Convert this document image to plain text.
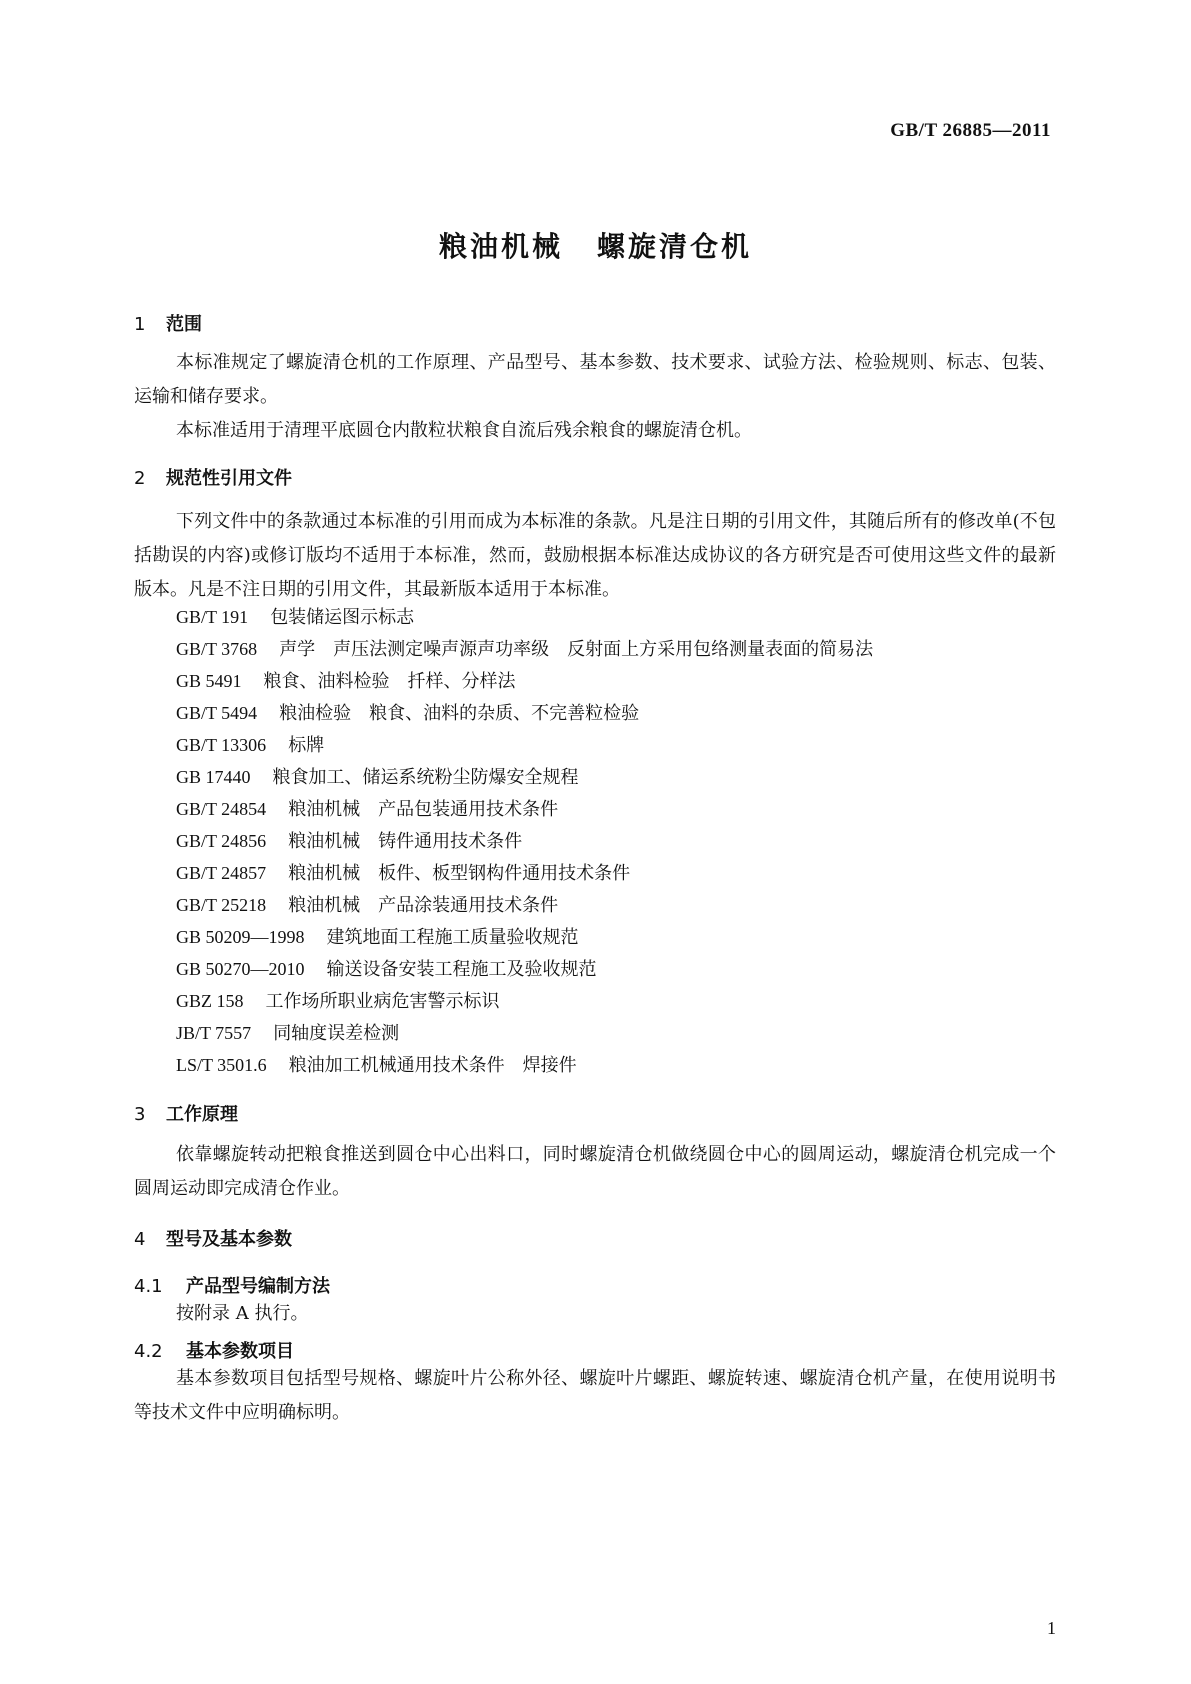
GB/T 26885—2011
粮油机械 螺旋清仓机
1 范围
本标准规定了螺旋清仓机的工作原理、产品型号、基本参数、技术要求、试验方法、检验规则、标志、包装、运输和储存要求。
本标准适用于清理平底圆仓内散粒状粮食自流后残余粮食的螺旋清仓机。
2 规范性引用文件
下列文件中的条款通过本标准的引用而成为本标准的条款。凡是注日期的引用文件，其随后所有的修改单(不包括勘误的内容)或修订版均不适用于本标准，然而，鼓励根据本标准达成协议的各方研究是否可使用这些文件的最新版本。凡是不注日期的引用文件，其最新版本适用于本标准。
GB/T 191 包装储运图示标志
GB/T 3768 声学　声压法测定噪声源声功率级　反射面上方采用包络测量表面的简易法
GB 5491 粮食、油料检验　扦样、分样法
GB/T 5494 粮油检验　粮食、油料的杂质、不完善粒检验
GB/T 13306 标牌
GB 17440 粮食加工、储运系统粉尘防爆安全规程
GB/T 24854 粮油机械　产品包装通用技术条件
GB/T 24856 粮油机械　铸件通用技术条件
GB/T 24857 粮油机械　板件、板型钢构件通用技术条件
GB/T 25218 粮油机械　产品涂装通用技术条件
GB 50209—1998 建筑地面工程施工质量验收规范
GB 50270—2010 输送设备安装工程施工及验收规范
GBZ 158 工作场所职业病危害警示标识
JB/T 7557 同轴度误差检测
LS/T 3501.6 粮油加工机械通用技术条件　焊接件
3 工作原理
依靠螺旋转动把粮食推送到圆仓中心出料口，同时螺旋清仓机做绕圆仓中心的圆周运动，螺旋清仓机完成一个圆周运动即完成清仓作业。
4 型号及基本参数
4.1 产品型号编制方法
按附录 A 执行。
4.2 基本参数项目
基本参数项目包括型号规格、螺旋叶片公称外径、螺旋叶片螺距、螺旋转速、螺旋清仓机产量，在使用说明书等技术文件中应明确标明。
1
